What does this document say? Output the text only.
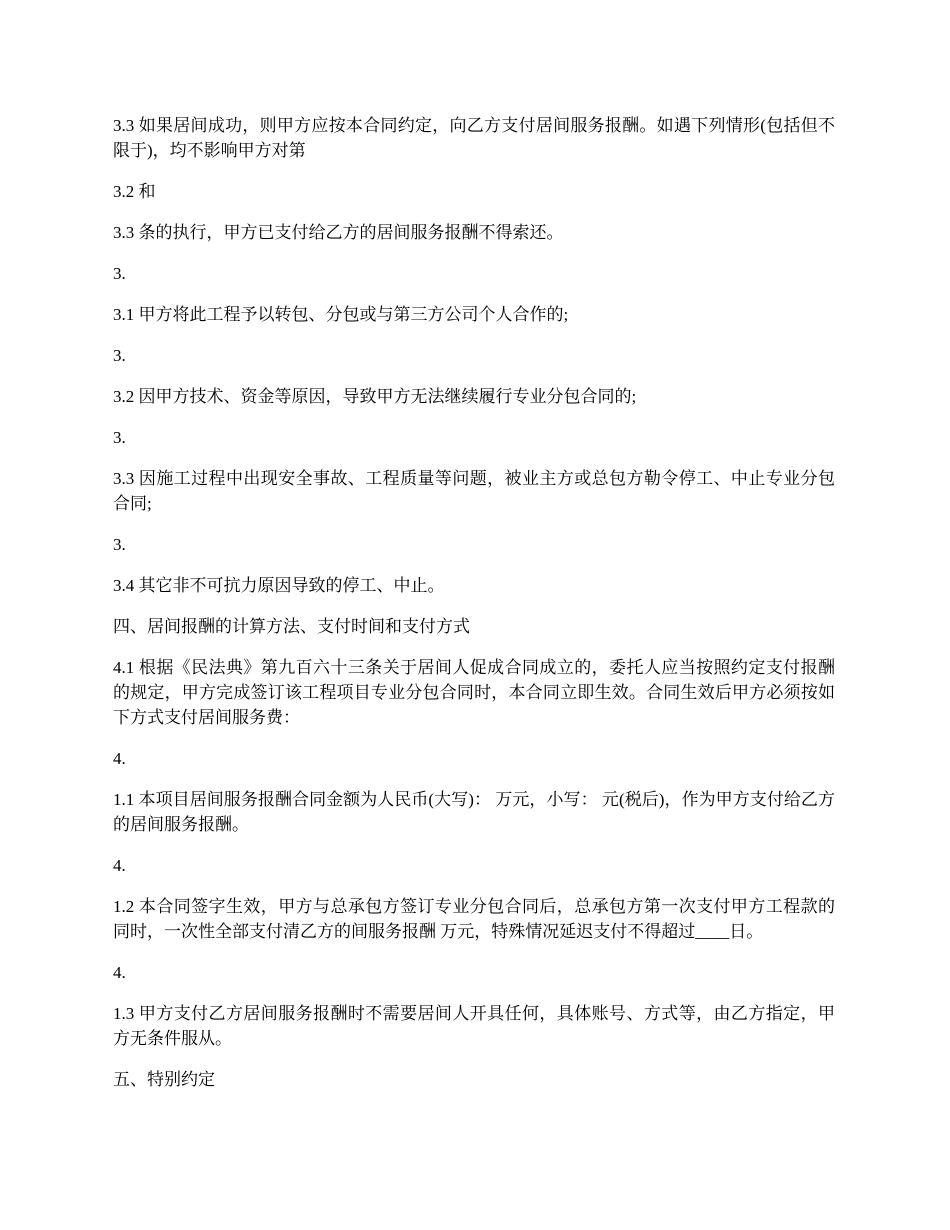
3.3 如果居间成功，则甲方应按本合同约定，向乙方支付居间服务报酬。如遇下列情形(包括但不限于)，均不影响甲方对第

3.2 和

3.3 条的执行，甲方已支付给乙方的居间服务报酬不得索还。

3.

3.1 甲方将此工程予以转包、分包或与第三方公司个人合作的;

3.

3.2 因甲方技术、资金等原因，导致甲方无法继续履行专业分包合同的;

3.

3.3 因施工过程中出现安全事故、工程质量等问题，被业主方或总包方勒令停工、中止专业分包合同;

3.

3.4 其它非不可抗力原因导致的停工、中止。

四、居间报酬的计算方法、支付时间和支付方式

4.1 根据《民法典》第九百六十三条关于居间人促成合同成立的，委托人应当按照约定支付报酬的规定，甲方完成签订该工程项目专业分包合同时，本合同立即生效。合同生效后甲方必须按如下方式支付居间服务费：

4.

1.1 本项目居间服务报酬合同金额为人民币(大写)： 万元，小写： 元(税后)，作为甲方支付给乙方的居间服务报酬。

4.

1.2 本合同签字生效，甲方与总承包方签订专业分包合同后，总承包方第一次支付甲方工程款的同时，一次性全部支付清乙方的间服务报酬 万元，特殊情况延迟支付不得超过____日。

4.

1.3 甲方支付乙方居间服务报酬时不需要居间人开具任何，具体账号、方式等，由乙方指定，甲方无条件服从。

五、特别约定
